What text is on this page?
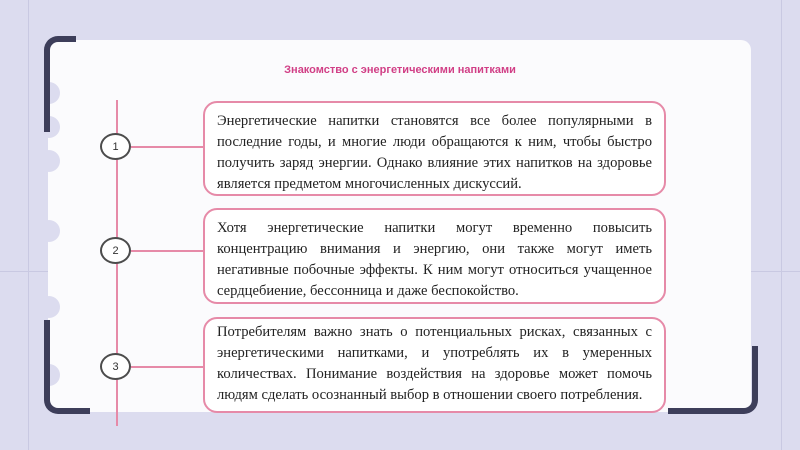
Знакомство с энергетическими напитками
1
Энергетические напитки становятся все более популярными в последние годы, и многие люди обращаются к ним, чтобы быстро получить заряд энергии. Однако влияние этих напитков на здоровье является предметом многочисленных дискуссий.
2
Хотя энергетические напитки могут временно повысить концентрацию внимания и энергию, они также могут иметь негативные побочные эффекты. К ним могут относиться учащенное сердцебиение, бессонница и даже беспокойство.
3
Потребителям важно знать о потенциальных рисках, связанных с энергетическими напитками, и употреблять их в умеренных количествах. Понимание воздействия на здоровье может помочь людям сделать осознанный выбор в отношении своего потребления.
